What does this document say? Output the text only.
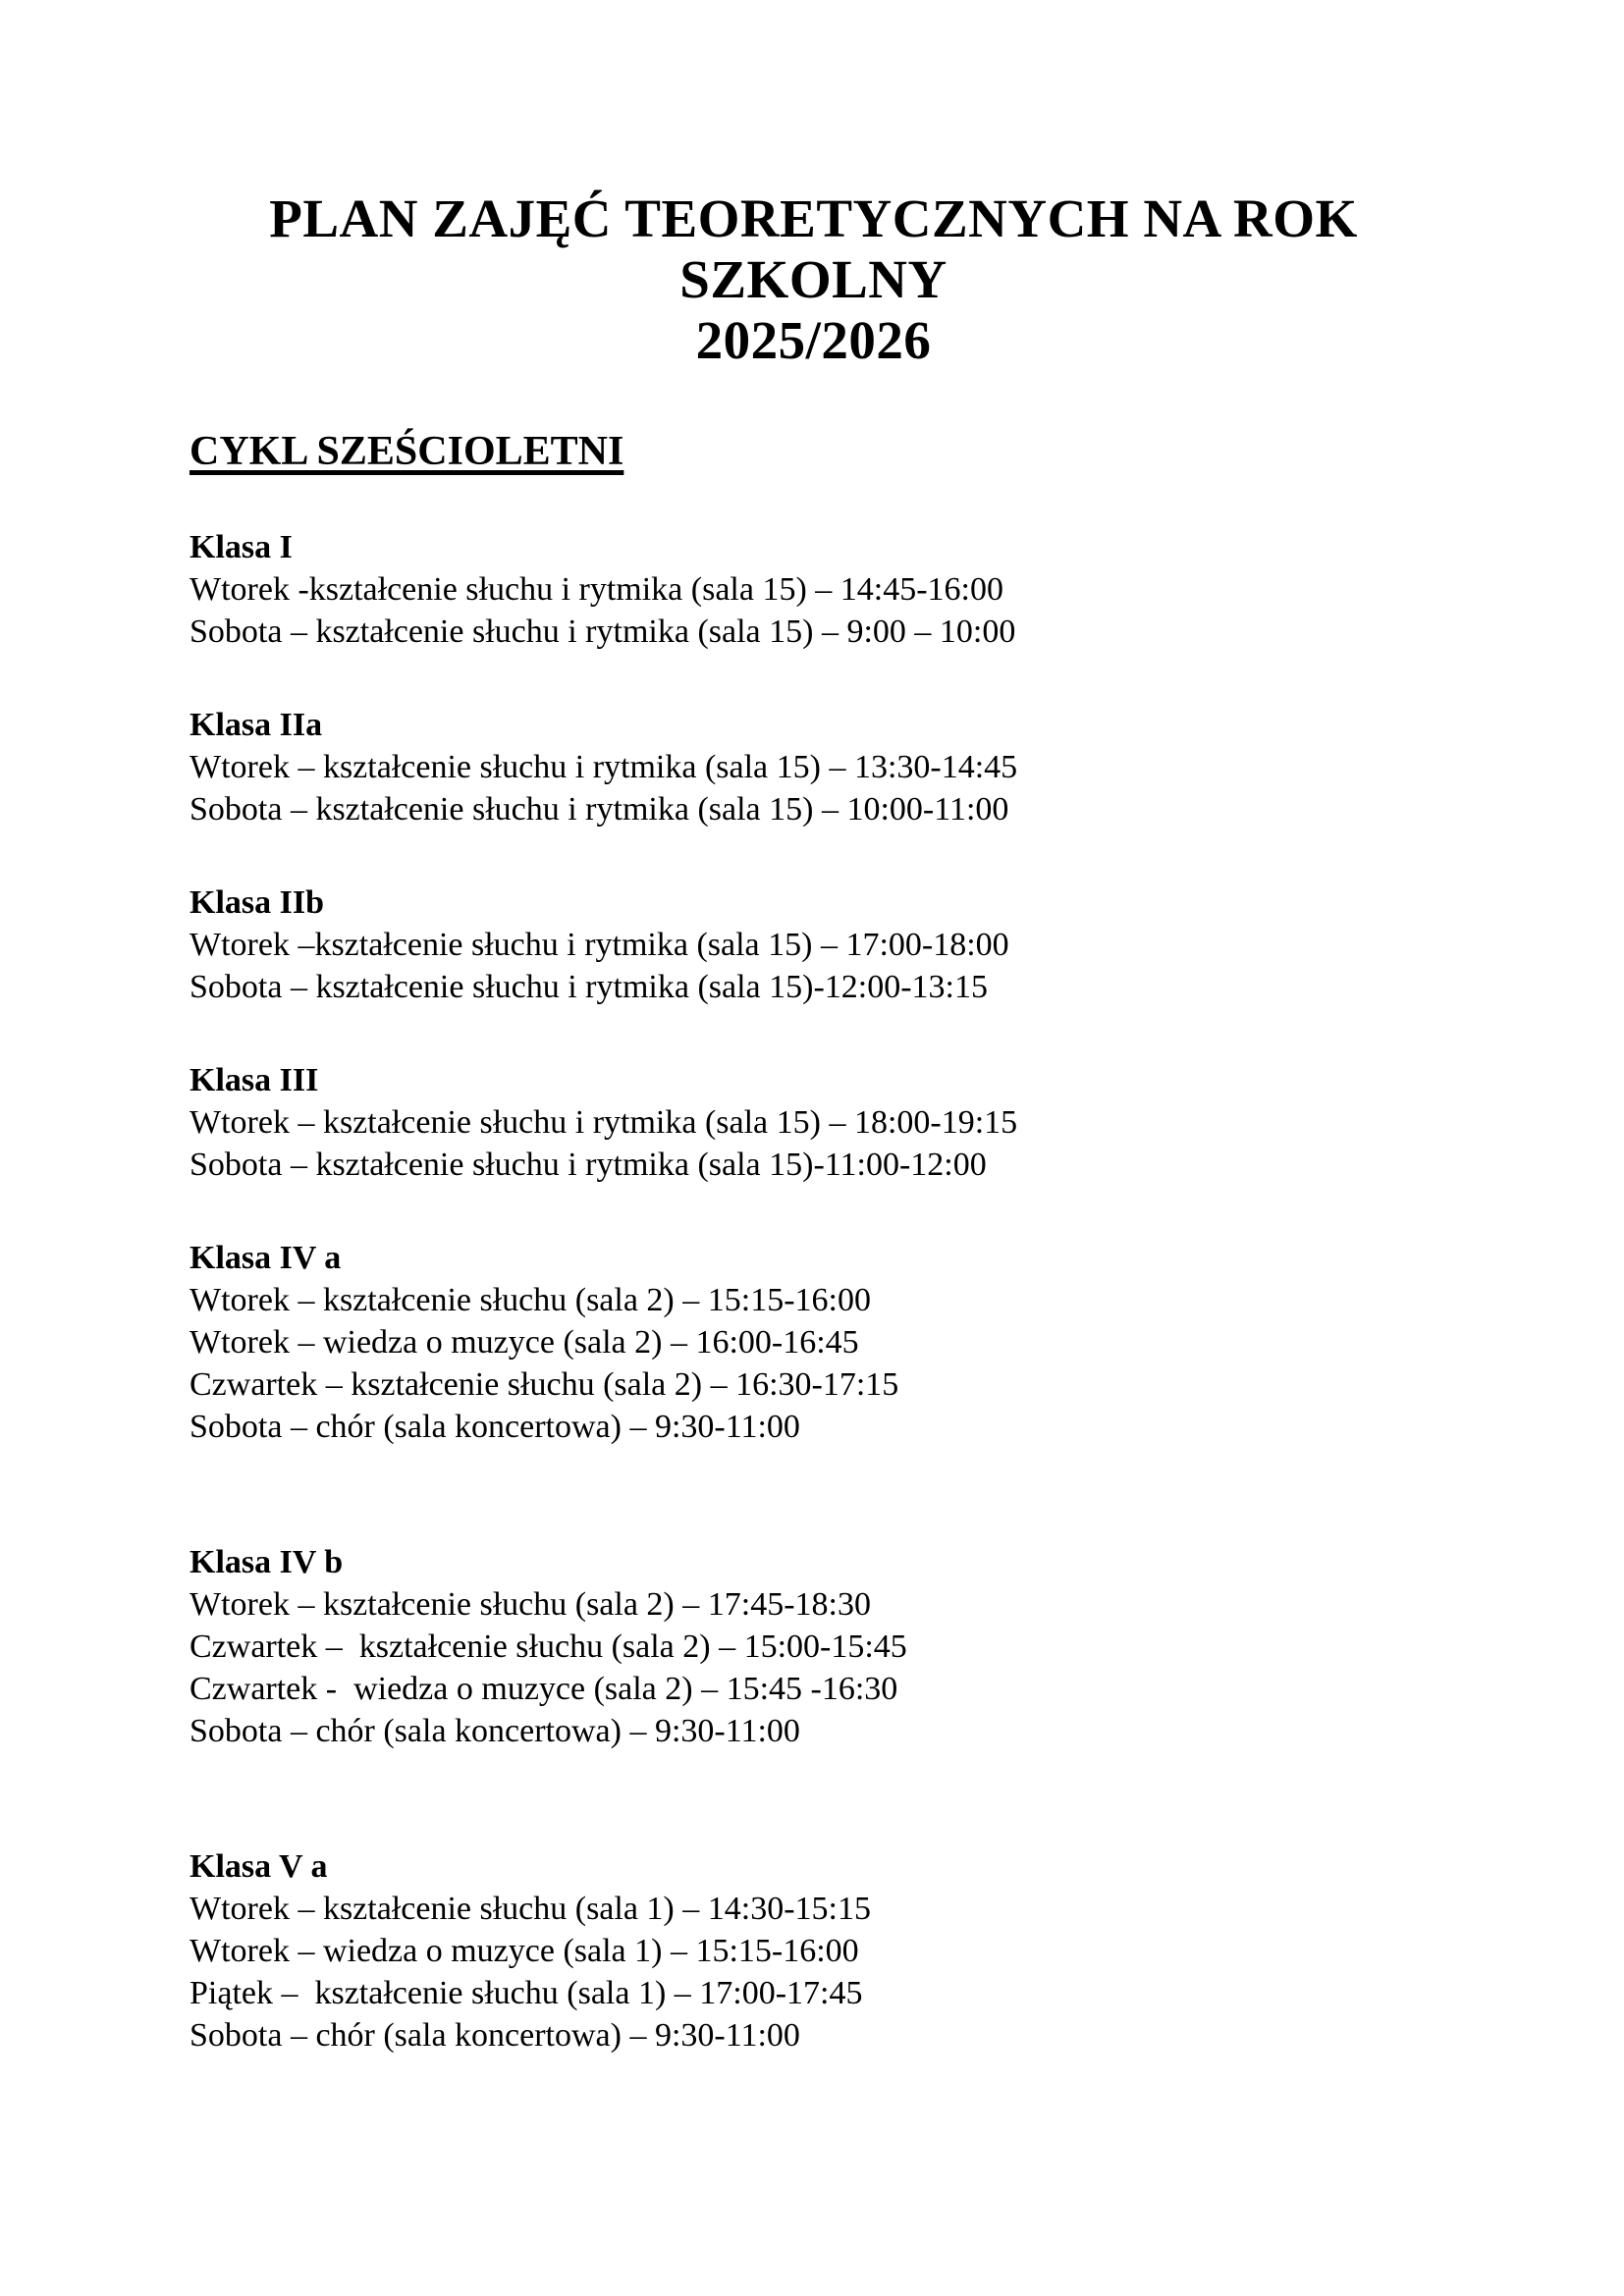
PLAN ZAJĘĆ TEORETYCZNYCH NA ROK SZKOLNY
2025/2026
CYKL SZEŚCIOLETNI
Klasa I
Wtorek -kształcenie słuchu i rytmika (sala 15) – 14:45-16:00
Sobota – kształcenie słuchu i rytmika (sala 15) – 9:00 – 10:00
Klasa IIa
Wtorek – kształcenie słuchu i rytmika (sala 15) – 13:30-14:45
Sobota – kształcenie słuchu i rytmika (sala 15) – 10:00-11:00
Klasa IIb
Wtorek –kształcenie słuchu i rytmika (sala 15) – 17:00-18:00
Sobota – kształcenie słuchu i rytmika (sala 15)-12:00-13:15
Klasa III
Wtorek – kształcenie słuchu i rytmika (sala 15) – 18:00-19:15
Sobota – kształcenie słuchu i rytmika (sala 15)-11:00-12:00
Klasa IV a
Wtorek – kształcenie słuchu (sala 2) – 15:15-16:00
Wtorek – wiedza o muzyce (sala 2) – 16:00-16:45
Czwartek – kształcenie słuchu (sala 2) – 16:30-17:15
Sobota – chór (sala koncertowa) – 9:30-11:00
Klasa IV b
Wtorek – kształcenie słuchu (sala 2) – 17:45-18:30
Czwartek –  kształcenie słuchu (sala 2) – 15:00-15:45
Czwartek -  wiedza o muzyce (sala 2) – 15:45 -16:30
Sobota – chór (sala koncertowa) – 9:30-11:00
Klasa V a
Wtorek – kształcenie słuchu (sala 1) – 14:30-15:15
Wtorek – wiedza o muzyce (sala 1) – 15:15-16:00
Piątek –  kształcenie słuchu (sala 1) – 17:00-17:45
Sobota – chór (sala koncertowa) – 9:30-11:00
